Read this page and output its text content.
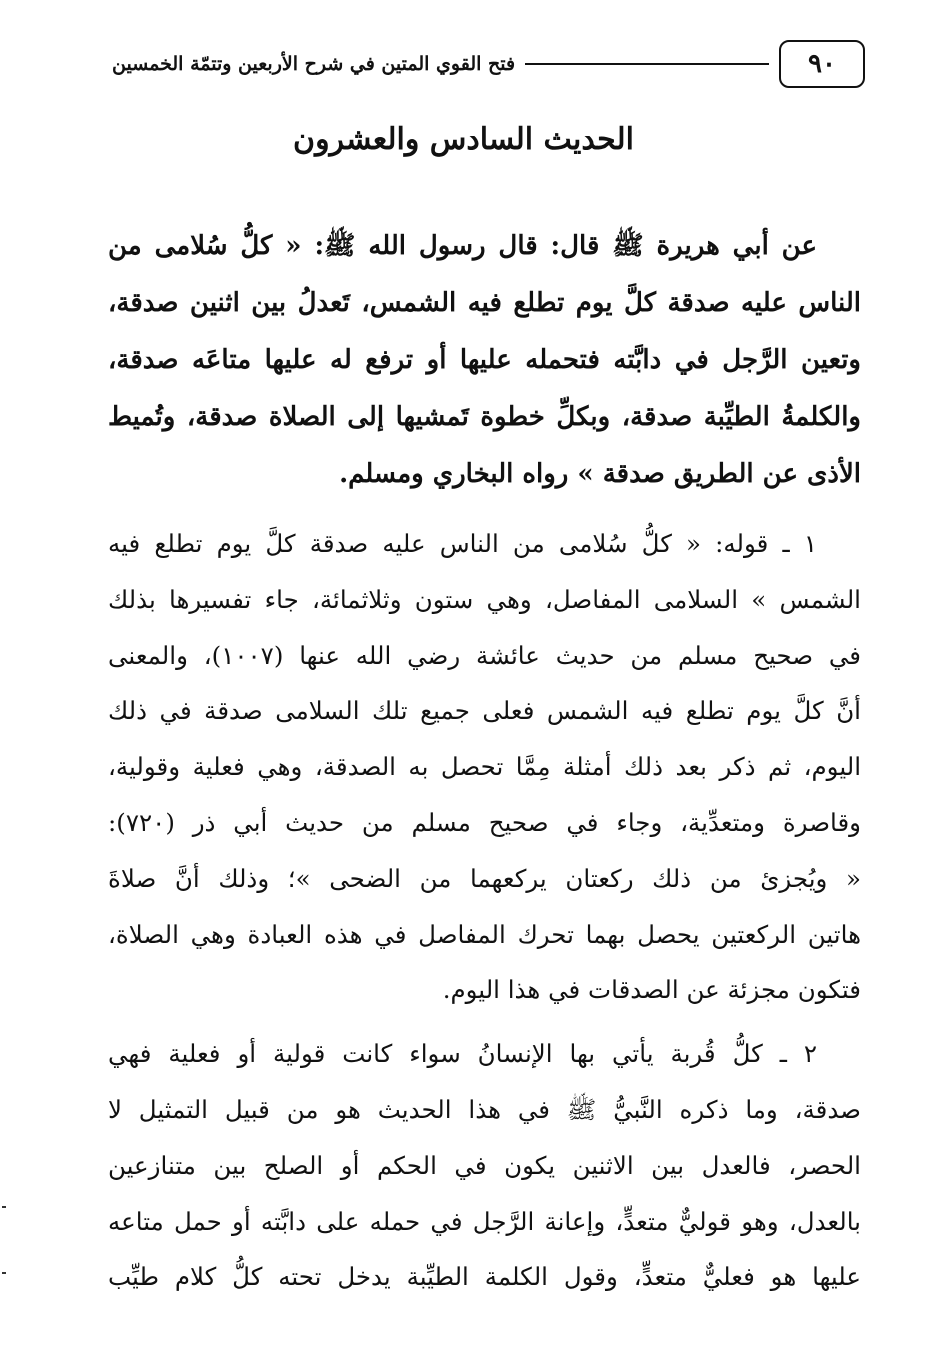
٩٠
فتح القوي المتين في شرح الأربعين وتتمّة الخمسين
الحديث السادس والعشرون
عن أبي هريرة ﷺ قال: قال رسول الله ﷺ: « كلُّ سُلامى من
الناس عليه صدقة كلَّ يوم تطلع فيه الشمس، تَعدلُ بين اثنين صدقة،
وتعين الرَّجل في دابَّته فتحمله عليها أو ترفع له عليها متاعَه صدقة،
والكلمةُ الطيِّبة صدقة، وبكلِّ خطوة تَمشيها إلى الصلاة صدقة، وتُميط
الأذى عن الطريق صدقة » رواه البخاري ومسلم.
١ ـ قوله: « كلُّ سُلامى من الناس عليه صدقة كلَّ يوم تطلع فيه
الشمس » السلامى المفاصل، وهي ستون وثلاثمائة، جاء تفسيرها بذلك
في صحيح مسلم من حديث عائشة رضي الله عنها (١٠٠٧)، والمعنى
أنَّ كلَّ يوم تطلع فيه الشمس فعلى جميع تلك السلامى صدقة في ذلك
اليوم، ثم ذكر بعد ذلك أمثلة مِمَّا تحصل به الصدقة، وهي فعلية وقولية،
وقاصرة ومتعدِّية، وجاء في صحيح مسلم من حديث أبي ذر (٧٢٠):
« ويُجزئ من ذلك ركعتان يركعهما من الضحى »؛ وذلك أنَّ صلاةَ
هاتين الركعتين يحصل بهما تحرك المفاصل في هذه العبادة وهي الصلاة،
فتكون مجزئة عن الصدقات في هذا اليوم.
٢ ـ كلُّ قُربة يأتي بها الإنسانُ سواء كانت قولية أو فعلية فهي
صدقة، وما ذكره النَّبيُّ ﷺ في هذا الحديث هو من قبيل التمثيل لا
الحصر، فالعدل بين الاثنين يكون في الحكم أو الصلح بين متنازعين
بالعدل، وهو قوليٌّ متعدٍّ، وإعانة الرَّجل في حمله على دابَّته أو حمل متاعه
عليها هو فعليٌّ متعدٍّ، وقول الكلمة الطيِّبة يدخل تحته كلُّ كلام طيِّب
